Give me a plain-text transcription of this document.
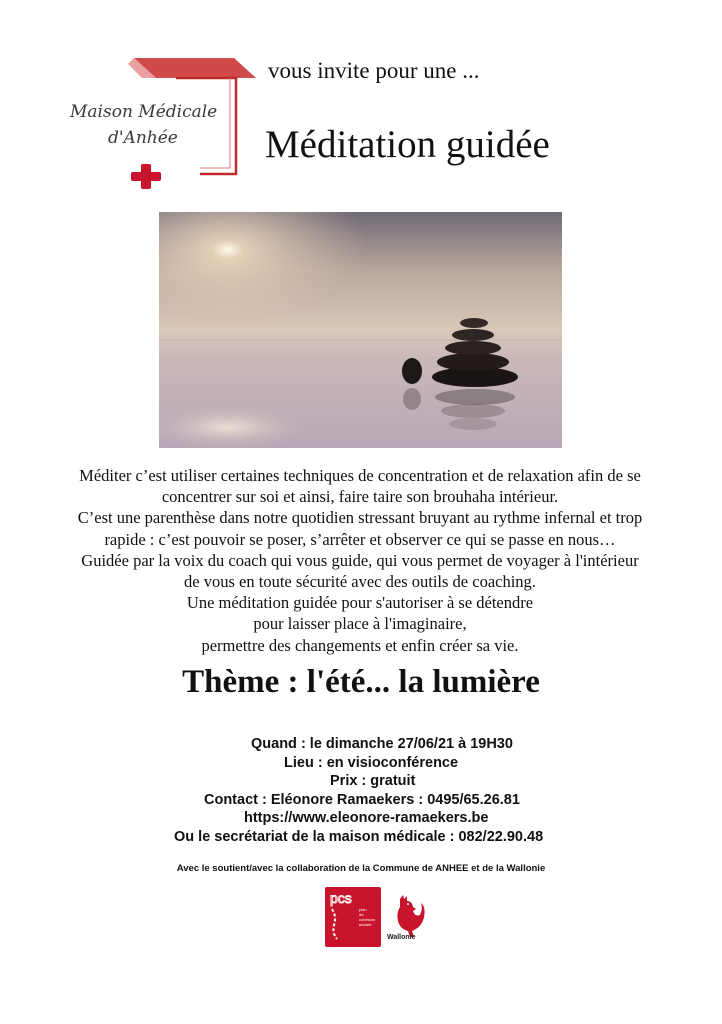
Maison Médicale
d'Anhée
vous invite pour une ...
Méditation guidée
Méditer c’est utiliser certaines techniques de concentration et de relaxation afin de se
concentrer sur soi et ainsi, faire taire son brouhaha intérieur.
C’est une parenthèse dans notre quotidien stressant bruyant au rythme infernal et trop
rapide : c’est pouvoir se poser, s’arrêter et observer ce qui se passe en nous…
Guidée par la voix du coach qui vous guide, qui vous permet de voyager à l'intérieur
de vous en toute sécurité avec des outils de coaching.
Une méditation guidée pour s'autoriser à se détendre
pour laisser place à l'imaginaire,
permettre des changements et enfin créer sa vie.
Thème : l'été... la lumière
Quand : le dimanche 27/06/21 à 19H30
Lieu : en visioconférence
Prix : gratuit
Contact : Eléonore Ramaekers : 0495/65.26.81
https://www.eleonore-ramaekers.be
Ou le secrétariat de la maison médicale : 082/22.90.48
Avec le soutient/avec la collaboration de la Commune de ANHEE et de la Wallonie
pcs
plan
de
cohésion
sociale
Wallonie
